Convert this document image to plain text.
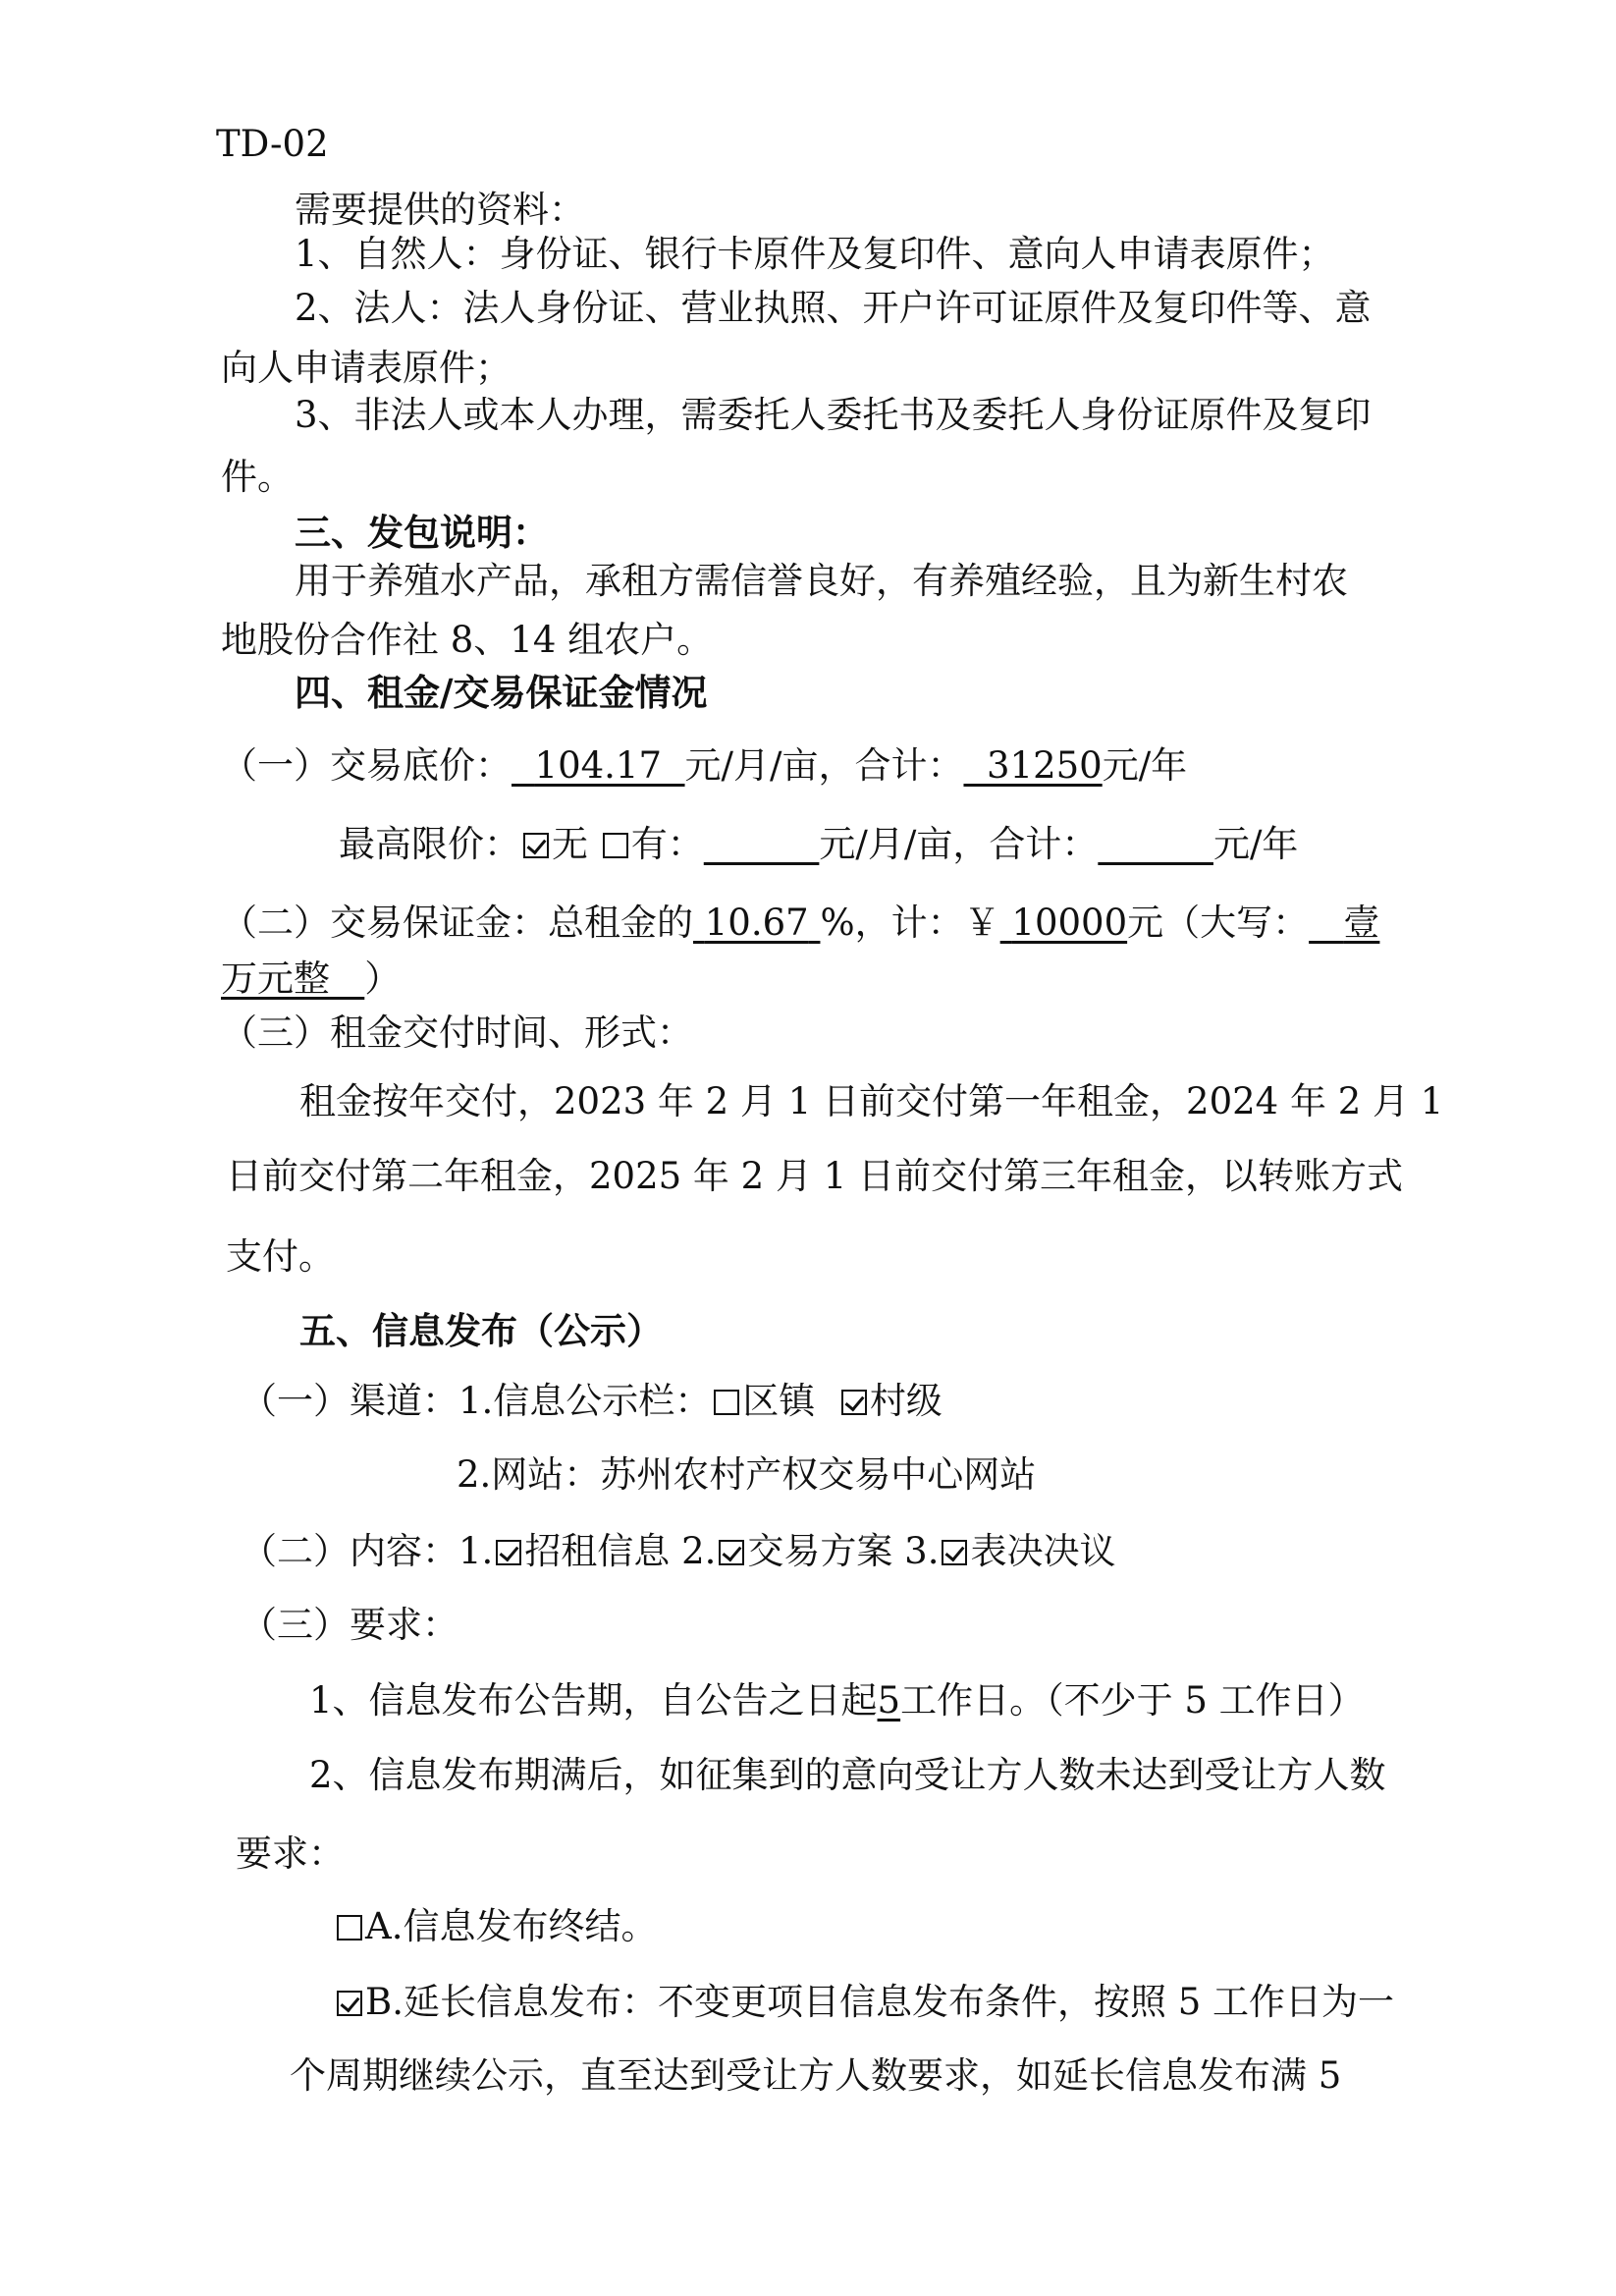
TD-02
需要提供的资料：
1、自然人：身份证、银行卡原件及复印件、意向人申请表原件；
2、法人：法人身份证、营业执照、开户许可证原件及复印件等、意
向人申请表原件；
3、非法人或本人办理，需委托人委托书及委托人身份证原件及复印
件。
三、发包说明：
用于养殖水产品，承租方需信誉良好，有养殖经验，且为新生村农
地股份合作社 8、14 组农户。
四、租金/交易保证金情况
（一）交易底价： 104.17 元/月/亩，合计： 31250元/年
最高限价： 无 有：	元/月/亩，合计：	元/年
（二）交易保证金：总租金的 10.67 %，计：￥ 10000元（大写： 壹
万元整 ）
（三）租金交付时间、形式：
租金按年交付，2023 年 2 月 1 日前交付第一年租金，2024 年 2 月 1
日前交付第二年租金，2025 年 2 月 1 日前交付第三年租金，以转账方式
支付。
五、信息发布（公示）
（一）渠道：1.信息公示栏： 区镇 村级
2.网站：苏州农村产权交易中心网站
（二）内容：1. 招租信息 2. 交易方案 3. 表决决议
（三）要求：
1、信息发布公告期，自公告之日起5工作日。（不少于 5 工作日）
2、信息发布期满后，如征集到的意向受让方人数未达到受让方人数
要求：
A.信息发布终结。
B.延长信息发布：不变更项目信息发布条件，按照 5 工作日为一
个周期继续公示，直至达到受让方人数要求，如延长信息发布满 5
